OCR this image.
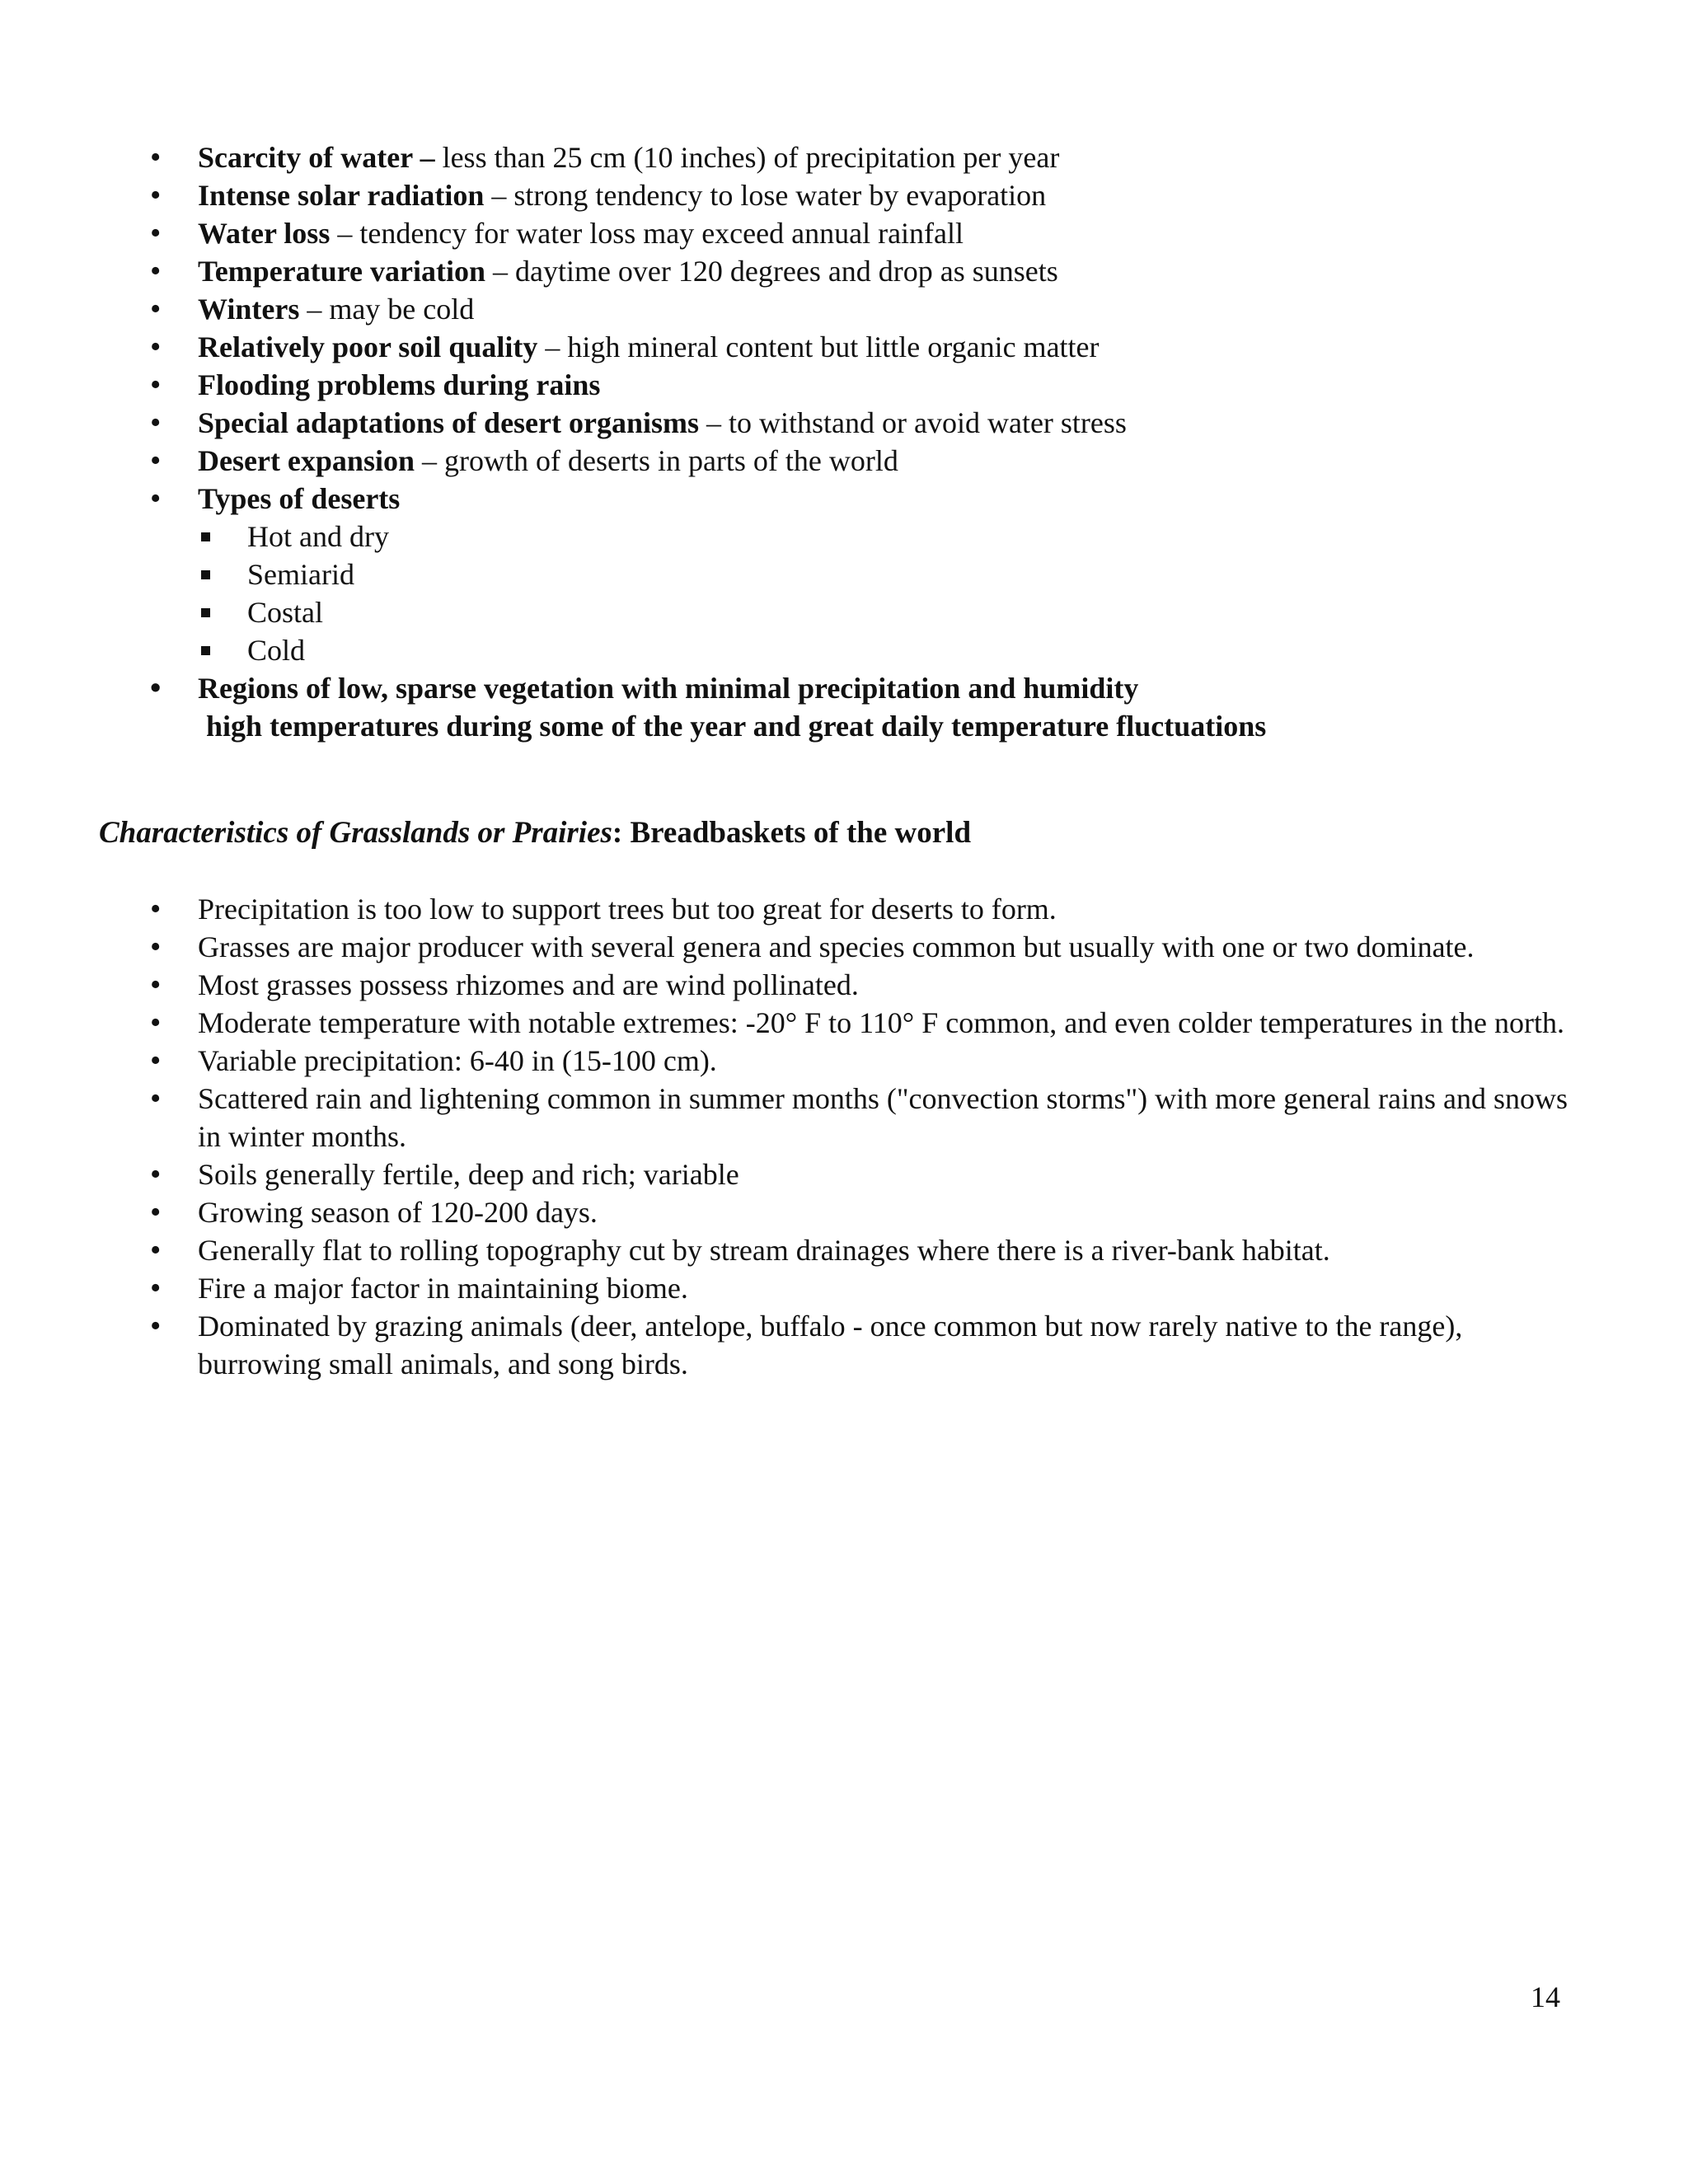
• Scarcity of water – less than 25 cm (10 inches) of precipitation per year
• Intense solar radiation – strong tendency to lose water by evaporation
• Water loss – tendency for water loss may exceed annual rainfall
• Temperature variation – daytime over 120 degrees and drop as sunsets
• Winters – may be cold
• Relatively poor soil quality – high mineral content but little organic matter
• Flooding problems during rains
• Special adaptations of desert organisms – to withstand or avoid water stress
• Desert expansion – growth of deserts in parts of the world
• Types of deserts
Hot and dry
Semiarid
Costal
Cold
• Regions of low, sparse vegetation with minimal precipitation and humidity
high temperatures during some of the year and great daily temperature fluctuations
Characteristics of Grasslands or Prairies: Breadbaskets of the world
• Precipitation is too low to support trees but too great for deserts to form.
• Grasses are major producer with several genera and species common but usually with one or two dominate.
• Most grasses possess rhizomes and are wind pollinated.
• Moderate temperature with notable extremes: -20° F to 110° F common, and even colder temperatures in the north.
• Variable precipitation: 6-40 in (15-100 cm).
• Scattered rain and lightening common in summer months ("convection storms") with more general rains and snows in winter months.
• Soils generally fertile, deep and rich; variable
• Growing season of 120-200 days.
• Generally flat to rolling topography cut by stream drainages where there is a river-bank habitat.
• Fire a major factor in maintaining biome.
• Dominated by grazing animals (deer, antelope, buffalo - once common but now rarely native to the range), burrowing small animals, and song birds.
14
